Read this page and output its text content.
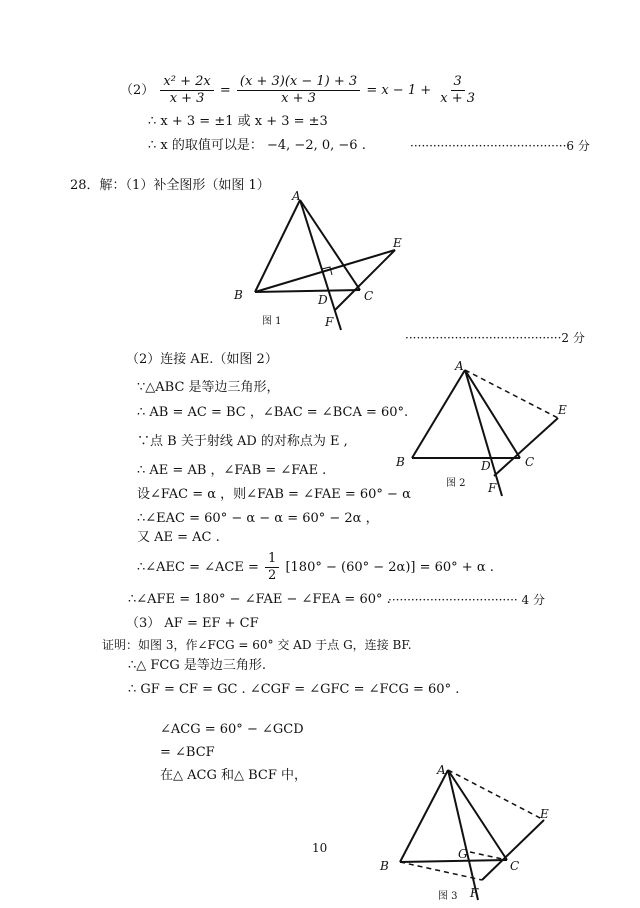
$(2) \frac{\text{x² + 2x}}{x + 3} = \frac{(x + 3)(x - 1) + 3}{x + 3} = x - 1 + \frac{3}{x + 3}$
∴ x + 3 = ±1 或 x + 3 = ±3
∴ x 的取值可以是： −4, −2, 0, −6 .	·········································6 分
28．解：（1）补全图形（如图 1）
A
B	C
D
E
F
图 1
·········································2 分
（2）连接 AE.（如图 2）
∵△ABC 是等边三角形，
∴ AB = AC = BC ，∠BAC = ∠BCA = 60°.
∵点 B 关于射线 AD 的对称点为 E ,
∴ AE = AB ，∠FAB = ∠FAE .
设∠FAC = α ，则∠FAB = ∠FAE = 60° − α
∴∠EAC = 60° − α − α = 60° − 2α ，
又 AE = AC .
∴∠AEC = ∠ACE = $\frac{1}{2} [180^\circ - (60^\circ - 2\alpha)] = 60^\circ + \alpha$ .
∴∠AFE = 180° − ∠FAE − ∠FEA = 60° .
·································· 4 分
A
B	C
D
E
F
图 2
（3） AF = EF + CF
证明：如图 3，作∠FCG = 60° 交 AD 于点 G，连接 BF.
∴△ FCG 是等边三角形.
∴ GF = CF = GC . ∠CGF = ∠GFC = ∠FCG = 60° .
∠ACG = 60° − ∠GCD
= ∠BCF
在△ ACG 和△ BCF 中，
10
A
B	C
E
F
G
图 3
